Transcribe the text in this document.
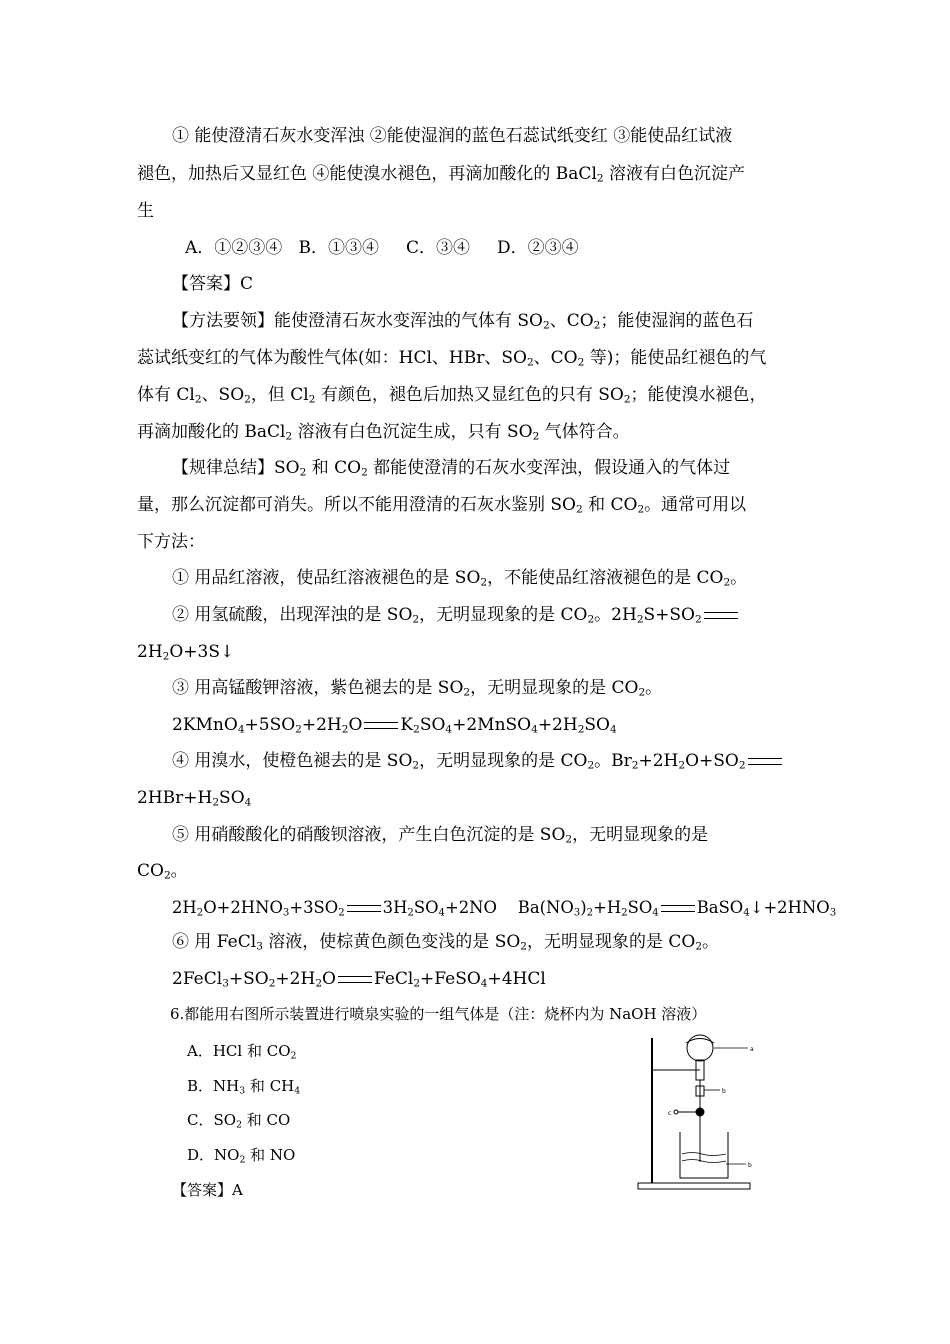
① 能使澄清石灰水变浑浊 ②能使湿润的蓝色石蕊试纸变红 ③能使品红试液
褪色，加热后又显红色 ④能使溴水褪色，再滴加酸化的 BaCl$_2$ 溶液有白色沉淀产
生
A．①②③④   B．①③④     C．③④     D．②③④
【答案】C
【方法要领】能使澄清石灰水变浑浊的气体有 $SO_2$、$CO_2$；能使湿润的蓝色石
蕊试纸变红的气体为酸性气体(如：HCl、HBr、$SO_2$、$CO_2$ 等)；能使品红褪色的气
体有 $Cl_2$、$SO_2$，但 $Cl_2$ 有颜色，褪色后加热又显红色的只有 $SO_2$；能使溴水褪色，
再滴加酸化的 BaCl$_2$ 溶液有白色沉淀生成，只有 $SO_2$ 气体符合。
【规律总结】$SO_2$ 和 $CO_2$ 都能使澄清的石灰水变浑浊，假设通入的气体过
量，那么沉淀都可消失。所以不能用澄清的石灰水鉴别 $SO_2$ 和 $CO_2$。通常可用以
下方法：
① 用品红溶液，使品红溶液褪色的是 $SO_2$，不能使品红溶液褪色的是 $CO_2$。
② 用氢硫酸，出现浑浊的是 $SO_2$，无明显现象的是 $CO_2$。$2H_2S+SO_2$
$2H_2O+3S↓$
③ 用高锰酸钾溶液，紫色褪去的是 $SO_2$，无明显现象的是 $CO_2$。
$2KMnO_4+5SO_2+2H_2O$ $K_2SO_4+2MnSO_4+2H_2SO_4$
④ 用溴水，使橙色褪去的是 $SO_2$，无明显现象的是 $CO_2$。$Br_2+2H_2O+SO_2$
$2HBr+H_2SO_4$
⑤ 用硝酸酸化的硝酸钡溶液，产生白色沉淀的是 $SO_2$，无明显现象的是
$CO_2$。
$2H_2O+2HNO_3+3SO_2$ $3H_2SO_4+2NO$    $Ba(NO_3)_2+H_2SO_4$ $BaSO_4↓+2HNO_3$
⑥ 用 FeCl$_3$ 溶液，使棕黄色颜色变浅的是 $SO_2$，无明显现象的是 $CO_2$。
$2FeCl_3+SO_2+2H_2O$ FeCl$_2$+FeSO$_4$+4HCl
6.都能用右图所示装置进行喷泉实验的一组气体是（注：烧杯内为 NaOH 溶液）
A．HCl 和 $CO_2$
B．$NH_3$ 和 $CH_4$
C．$SO_2$ 和 CO
D．$NO_2$ 和 NO
【答案】A
a
b
c
b
